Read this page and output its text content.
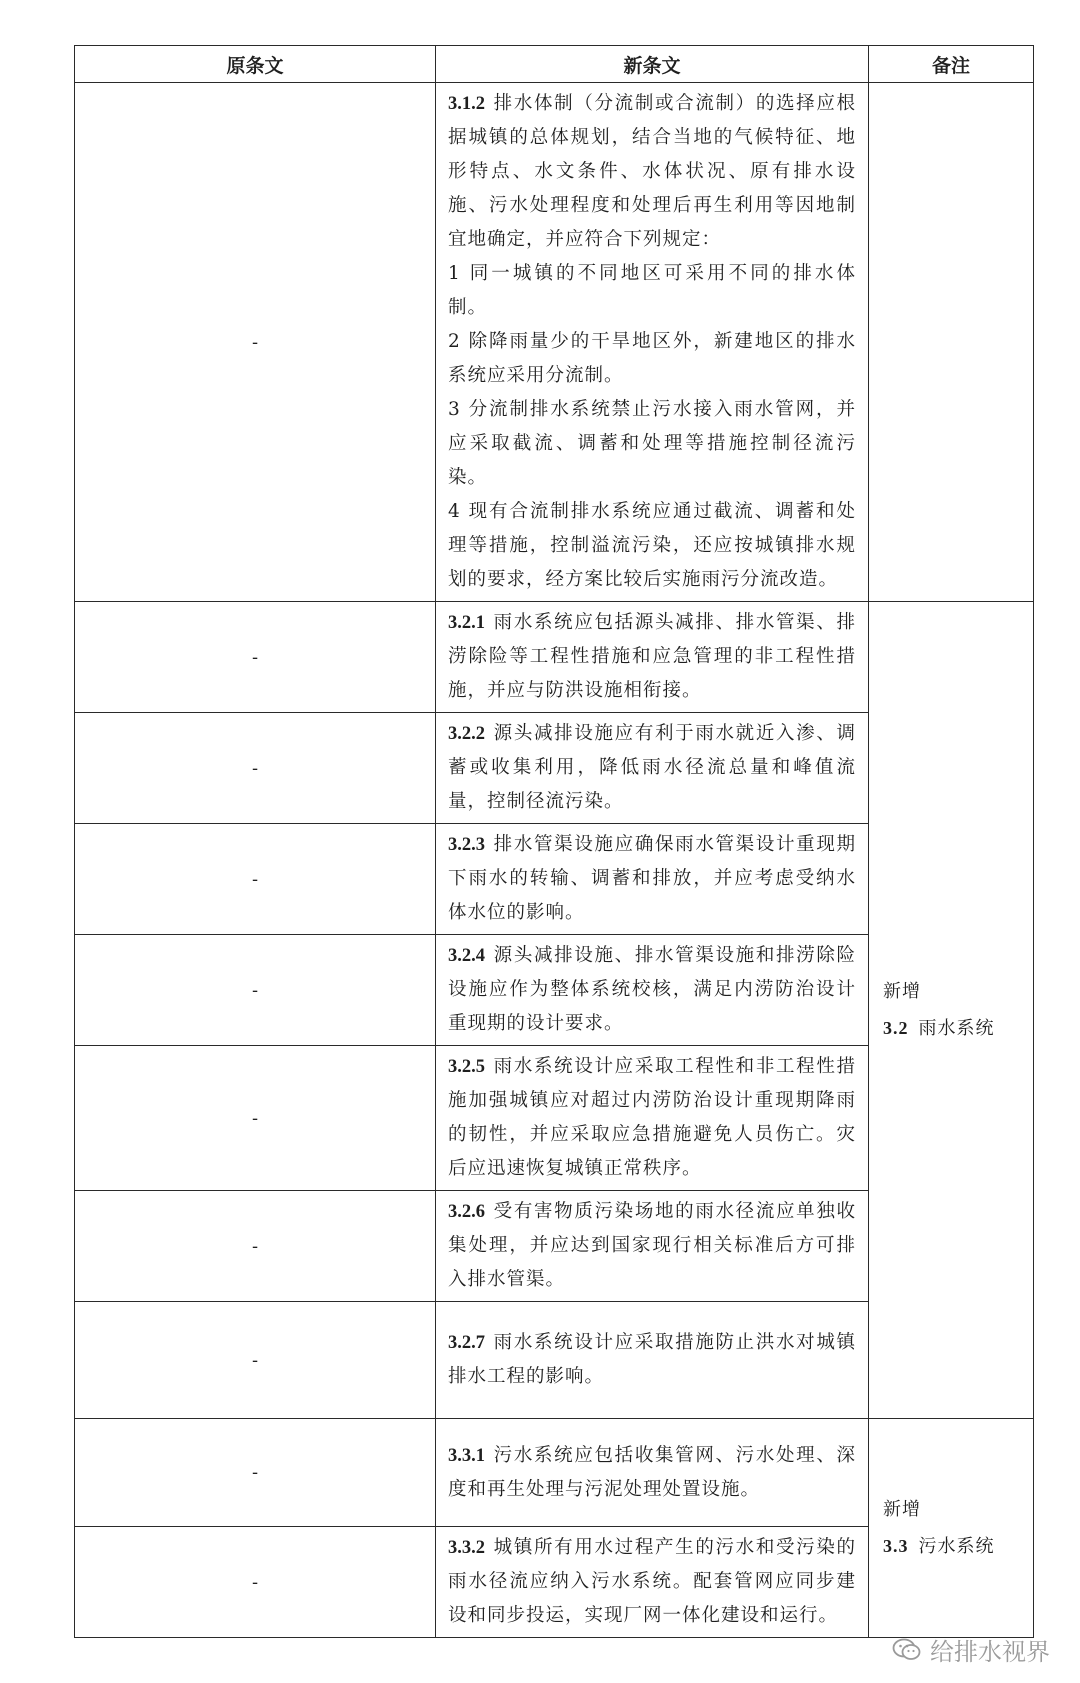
原条文	新条文	备注
-	3.1.2 排水体制（分流制或合流制）的选择应根据城镇的总体规划，结合当地的气候特征、地形特点、水文条件、水体状况、原有排水设施、污水处理程度和处理后再生利用等因地制宜地确定，并应符合下列规定：

1 同一城镇的不同地区可采用不同的排水体制。

2 除降雨量少的干旱地区外，新建地区的排水系统应采用分流制。

3 分流制排水系统禁止污水接入雨水管网，并应采取截流、调蓄和处理等措施控制径流污染。

4 现有合流制排水系统应通过截流、调蓄和处理等措施，控制溢流污染，还应按城镇排水规划的要求，经方案比较后实施雨污分流改造。	

-	3.2.1 雨水系统应包括源头减排、排水管渠、排涝除险等工程性措施和应急管理的非工程性措施，并应与防洪设施相衔接。	新增
3.2 雨水系统

-	3.2.2 源头减排设施应有利于雨水就近入渗、调蓄或收集利用，降低雨水径流总量和峰值流量，控制径流污染。	
-	3.2.3 排水管渠设施应确保雨水管渠设计重现期下雨水的转输、调蓄和排放，并应考虑受纳水体水位的影响。	
-	3.2.4 源头减排设施、排水管渠设施和排涝除险设施应作为整体系统校核，满足内涝防治设计重现期的设计要求。	
-	3.2.5 雨水系统设计应采取工程性和非工程性措施加强城镇应对超过内涝防治设计重现期降雨的韧性，并应采取应急措施避免人员伤亡。灾后应迅速恢复城镇正常秩序。	
-	3.2.6 受有害物质污染场地的雨水径流应单独收集处理，并应达到国家现行相关标准后方可排入排水管渠。	
-	3.2.7 雨水系统设计应采取措施防止洪水对城镇排水工程的影响。	
-	3.3.1 污水系统应包括收集管网、污水处理、深度和再生处理与污泥处理处置设施。	新增
3.3 污水系统

-	3.3.2 城镇所有用水过程产生的污水和受污染的雨水径流应纳入污水系统。配套管网应同步建设和同步投运，实现厂网一体化建设和运行。	
给排水视界
